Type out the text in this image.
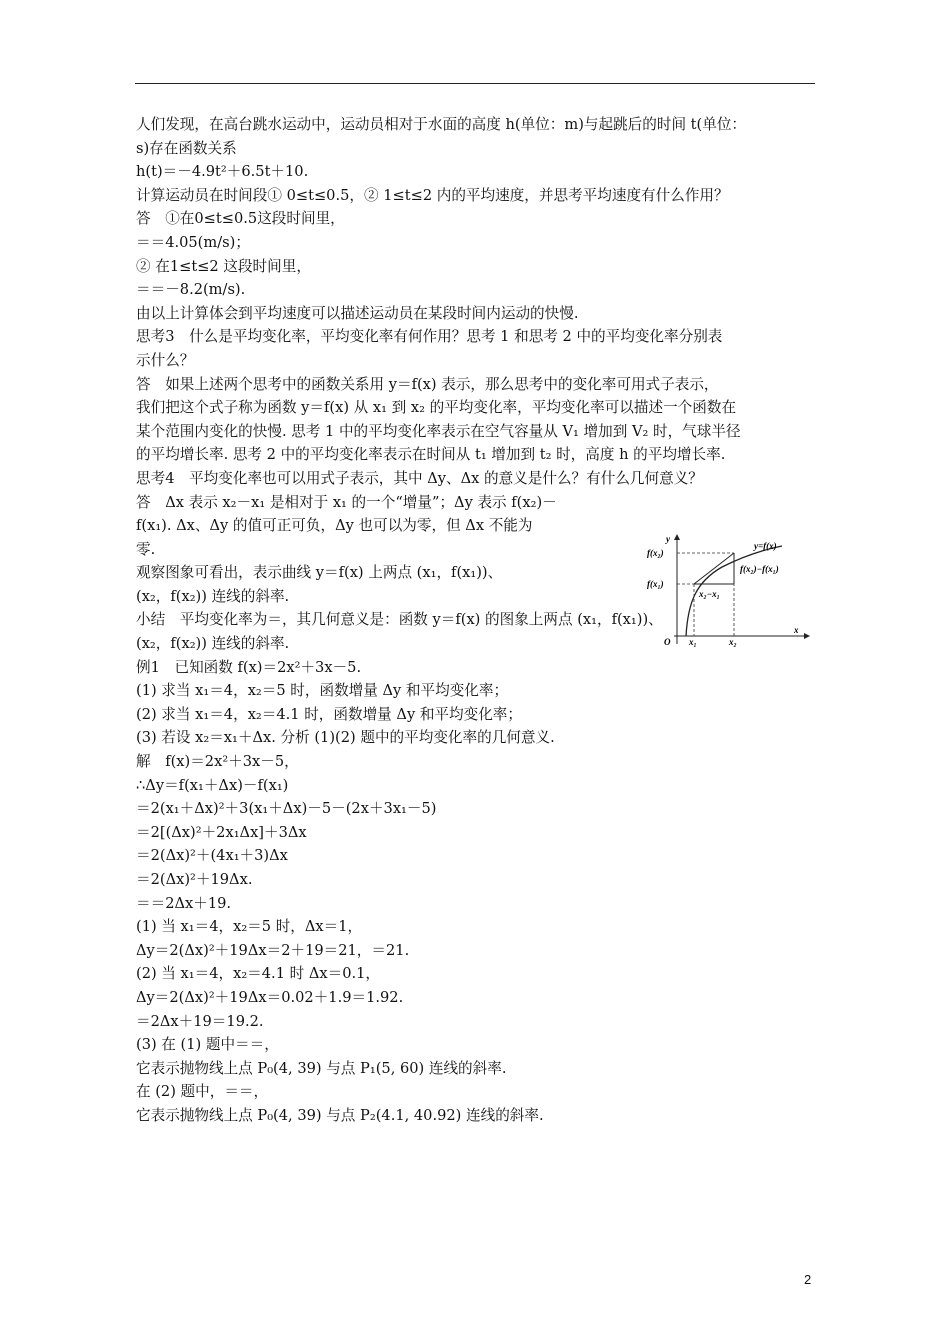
人们发现，在高台跳水运动中，运动员相对于水面的高度 h(单位：m)与起跳后的时间 t(单位：

s)存在函数关系

h(t)＝－4.9t²＋6.5t＋10.

计算运动员在时间段① 0≤t≤0.5，② 1≤t≤2 内的平均速度，并思考平均速度有什么作用？

答　①在0≤t≤0.5这段时间里，

＝＝4.05(m/s)；

② 在1≤t≤2 这段时间里，

＝＝－8.2(m/s).

由以上计算体会到平均速度可以描述运动员在某段时间内运动的快慢.

思考3　什么是平均变化率，平均变化率有何作用？思考 1 和思考 2 中的平均变化率分别表

示什么？

答　如果上述两个思考中的函数关系用 y＝f(x) 表示，那么思考中的变化率可用式子表示，

我们把这个式子称为函数 y＝f(x) 从 x₁ 到 x₂ 的平均变化率，平均变化率可以描述一个函数在

某个范围内变化的快慢. 思考 1 中的平均变化率表示在空气容量从 V₁ 增加到 V₂ 时，气球半径

的平均增长率. 思考 2 中的平均变化率表示在时间从 t₁ 增加到 t₂ 时，高度 h 的平均增长率.

思考4　平均变化率也可以用式子表示，其中 Δy、Δx 的意义是什么？有什么几何意义？

答　Δx 表示 x₂－x₁ 是相对于 x₁ 的一个“增量”；Δy 表示 f(x₂)－

f(x₁). Δx、Δy 的值可正可负，Δy 也可以为零，但 Δx 不能为

零.

观察图象可看出，表示曲线 y＝f(x) 上两点 (x₁，f(x₁))、

(x₂，f(x₂)) 连线的斜率.

小结　平均变化率为＝，其几何意义是：函数 y＝f(x) 的图象上两点 (x₁，f(x₁))、

(x₂，f(x₂)) 连线的斜率.

例1　已知函数 f(x)＝2x²＋3x－5.

(1) 求当 x₁＝4，x₂＝5 时，函数增量 Δy 和平均变化率；

(2) 求当 x₁＝4，x₂＝4.1 时，函数增量 Δy 和平均变化率；

(3) 若设 x₂＝x₁＋Δx. 分析 (1)(2) 题中的平均变化率的几何意义.

解　f(x)＝2x²＋3x－5，

∴Δy＝f(x₁＋Δx)－f(x₁)

＝2(x₁＋Δx)²＋3(x₁＋Δx)－5－(2x＋3x₁－5)

＝2[(Δx)²＋2x₁Δx]＋3Δx

＝2(Δx)²＋(4x₁＋3)Δx

＝2(Δx)²＋19Δx.

＝＝2Δx＋19.

(1) 当 x₁＝4，x₂＝5 时，Δx＝1，

Δy＝2(Δx)²＋19Δx＝2＋19＝21，＝21.

(2) 当 x₁＝4，x₂＝4.1 时 Δx＝0.1，

Δy＝2(Δx)²＋19Δx＝0.02＋1.9＝1.92.

＝2Δx＋19＝19.2.

(3) 在 (1) 题中＝＝，

它表示抛物线上点 P₀(4, 39) 与点 P₁(5, 60) 连线的斜率.

在 (2) 题中，＝＝，

它表示抛物线上点 P₀(4, 39) 与点 P₂(4.1, 40.92) 连线的斜率.

y
x
O
y=f(x)
f(x₂)
f(x₁)
f(x₂)−f(x₁)
x₂−x₁
x₁	x₂
2
